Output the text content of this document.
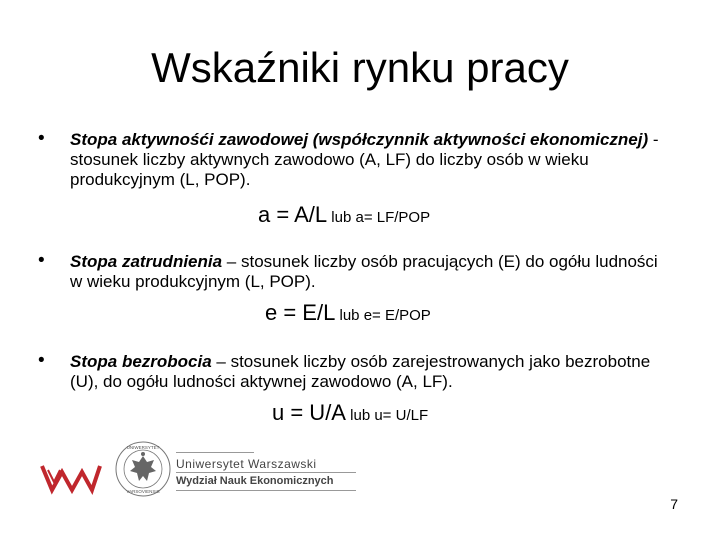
Wskaźniki rynku pracy
• Stopa aktywnośći zawodowej (współczynnik aktywności ekonomicznej) - stosunek liczby aktywnych zawodowo (A, LF) do liczby osób w wieku produkcyjnym (L, POP).
a = A/L lub a= LF/POP
• Stopa zatrudnienia – stosunek liczby osób pracujących (E) do ogółu ludności w wieku produkcyjnym (L, POP).
e = E/L lub e= E/POP
• Stopa bezrobocia – stosunek liczby osób zarejestrowanych jako bezrobotne (U), do ogółu ludności aktywnej zawodowo (A, LF).
u = U/A lub u= U/LF
UNIWERSYTET
VARSOVIENSIS
Uniwersytet Warszawski
Wydział Nauk Ekonomicznych
7
